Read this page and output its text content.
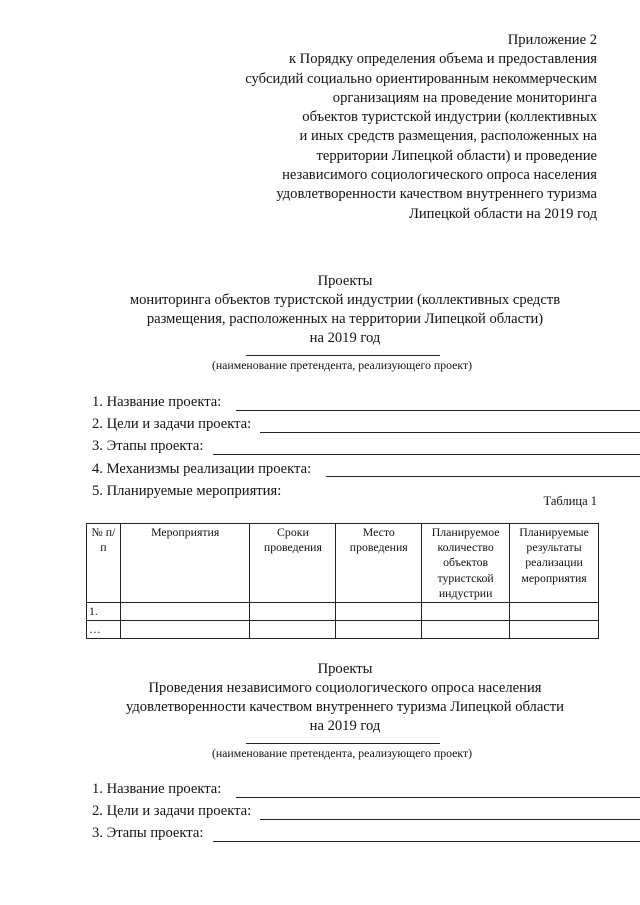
Приложение 2
к Порядку определения объема и предоставления
субсидий социально ориентированным некоммерческим
организациям на проведение мониторинга
объектов туристской индустрии (коллективных
и иных средств размещения, расположенных на
территории Липецкой области) и проведение
независимого социологического опроса населения
удовлетворенности качеством внутреннего туризма
Липецкой области на 2019 год
Проекты
мониторинга объектов туристской индустрии (коллективных средств
размещения, расположенных на территории Липецкой области)
на 2019 год
(наименование претендента, реализующего проект)
1. Название проекта:
2. Цели и задачи проекта:
3. Этапы проекта:
4. Механизмы реализации проекта:
5. Планируемые мероприятия:
Таблица 1
№ п/п	Мероприятия	Сроки проведения	Место проведения	Планируемое количество объектов туристской индустрии	Планируемые результаты реализации мероприятия
1.					
…					
Проекты
Проведения независимого социологического опроса населения
удовлетворенности качеством внутреннего туризма Липецкой области
на 2019 год
(наименование претендента, реализующего проект)
1. Название проекта:
2. Цели и задачи проекта:
3. Этапы проекта:
